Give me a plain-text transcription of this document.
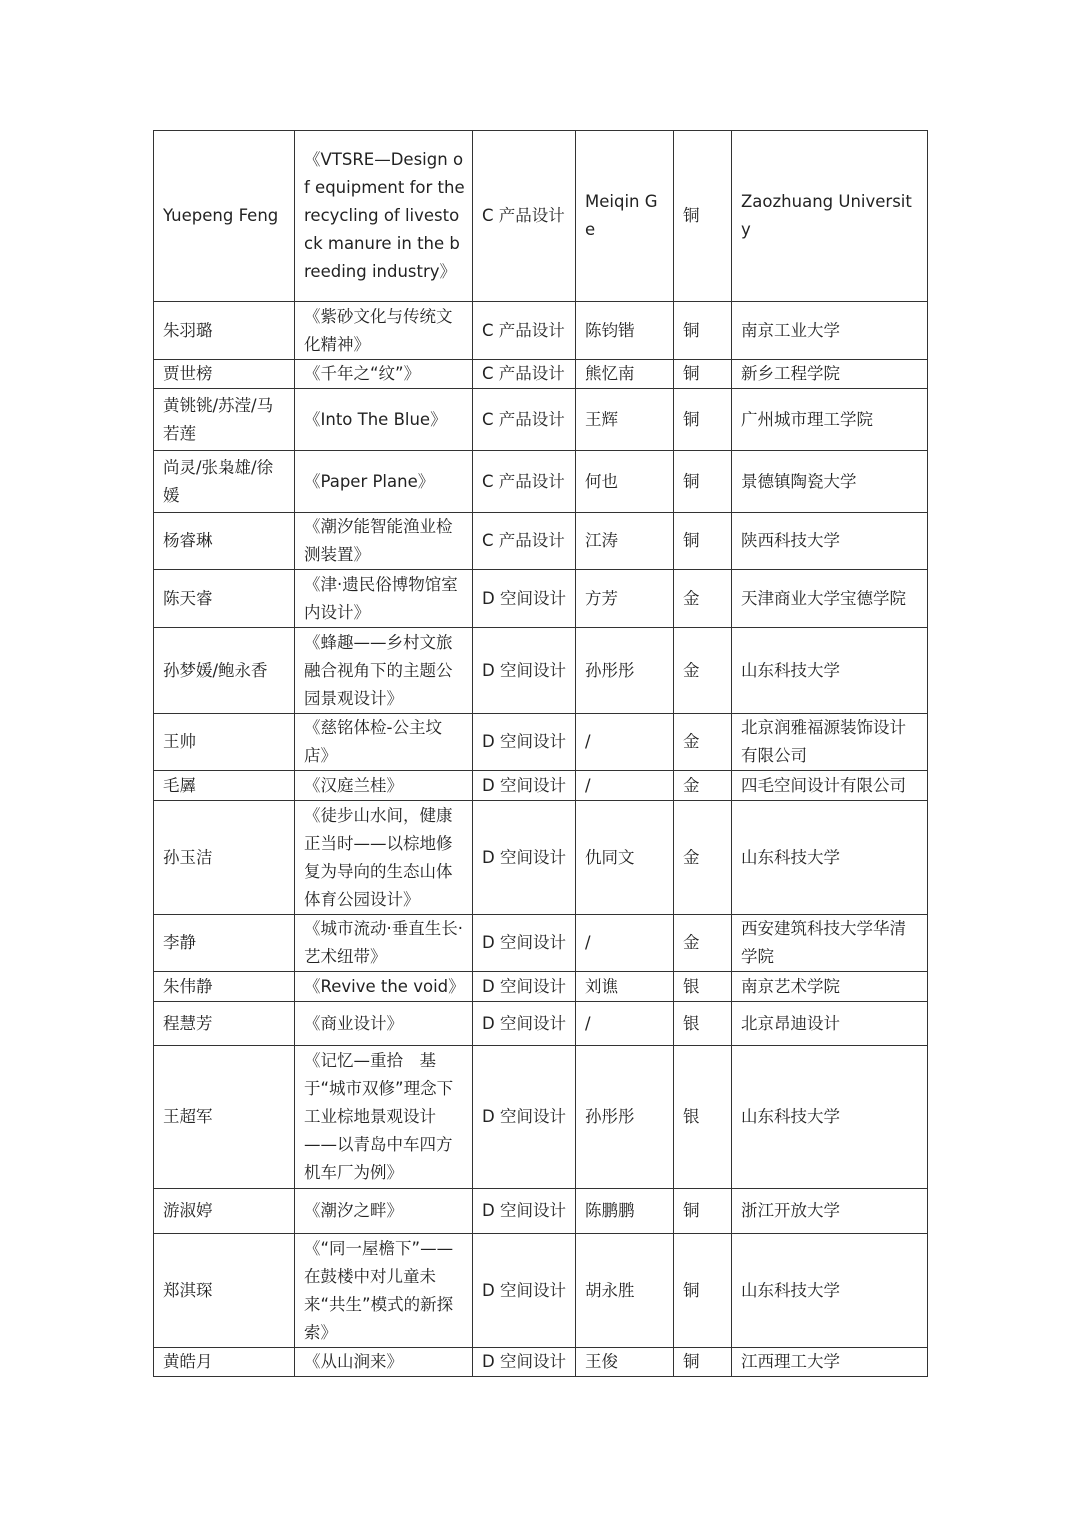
Yuepeng Feng	《VTSRE—Design of equipment for the recycling of livestock manure in the breeding industry》	C 产品设计	Meiqin Ge	铜	Zaozhuang University
朱羽璐	《紫砂文化与传统文化精神》	C 产品设计	陈钧锴	铜	南京工业大学
贾世榜	《千年之“纹”》	C 产品设计	熊忆南	铜	新乡工程学院
黄铫铫/苏滢/马若莲	《Into The Blue》	C 产品设计	王辉	铜	广州城市理工学院
尚灵/张枭雄/徐媛	《Paper Plane》	C 产品设计	何也	铜	景德镇陶瓷大学
杨睿琳	《潮汐能智能渔业检测装置》	C 产品设计	江涛	铜	陕西科技大学
陈天睿	《津·遗民俗博物馆室内设计》	D 空间设计	方芳	金	天津商业大学宝德学院
孙梦媛/鲍永香	《蜂趣——乡村文旅融合视角下的主题公园景观设计》	D 空间设计	孙彤彤	金	山东科技大学
王帅	《慈铭体检-公主坟店》	D 空间设计	/	金	北京润雅福源装饰设计有限公司
毛羼	《汉庭兰桂》	D 空间设计	/	金	四毛空间设计有限公司
孙玉洁	《徒步山水间，健康正当时——以棕地修复为导向的生态山体体育公园设计》	D 空间设计	仇同文	金	山东科技大学
李静	《城市流动·垂直生长·艺术纽带》	D 空间设计	/	金	西安建筑科技大学华清学院
朱伟静	《Revive the void》	D 空间设计	刘谯	银	南京艺术学院
程慧芳	《商业设计》	D 空间设计	/	银	北京昂迪设计
王超军	《记忆—重拾　基于“城市双修”理念下工业棕地景观设计——以青岛中车四方机车厂为例》	D 空间设计	孙彤彤	银	山东科技大学
游淑婷	《潮汐之畔》	D 空间设计	陈鹏鹏	铜	浙江开放大学
郑淇琛	《“同一屋檐下”——在鼓楼中对儿童未来“共生”模式的新探索》	D 空间设计	胡永胜	铜	山东科技大学
黄皓月	《从山涧来》	D 空间设计	王俊	铜	江西理工大学
